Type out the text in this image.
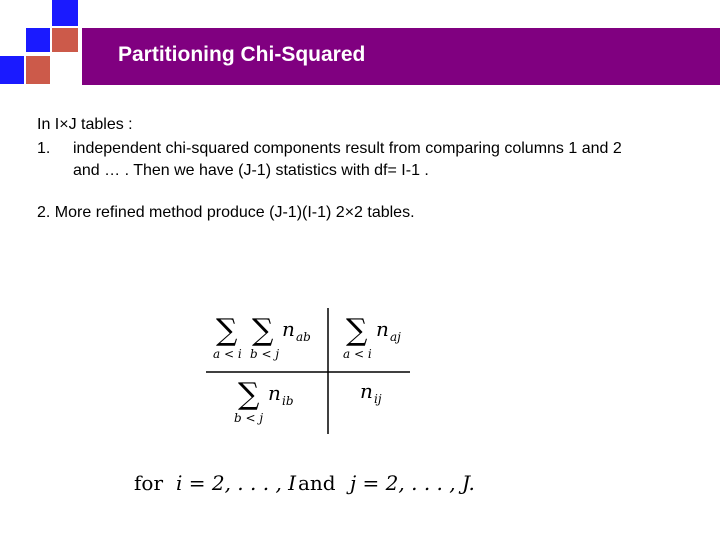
Partitioning Chi-Squared
In I×J tables :
1. independent chi-squared components result from comparing columns 1 and 2
and … . Then we have (J-1) statistics with df= I-1 .
2. More refined method produce (J-1)(I-1) 2×2 tables.
∑ ∑
a < i b < j
n ab ∑
a < i
n aj
∑
b < j
n ib	n ij
for i = 2, . . . , I and j = 2, . . . , J.
